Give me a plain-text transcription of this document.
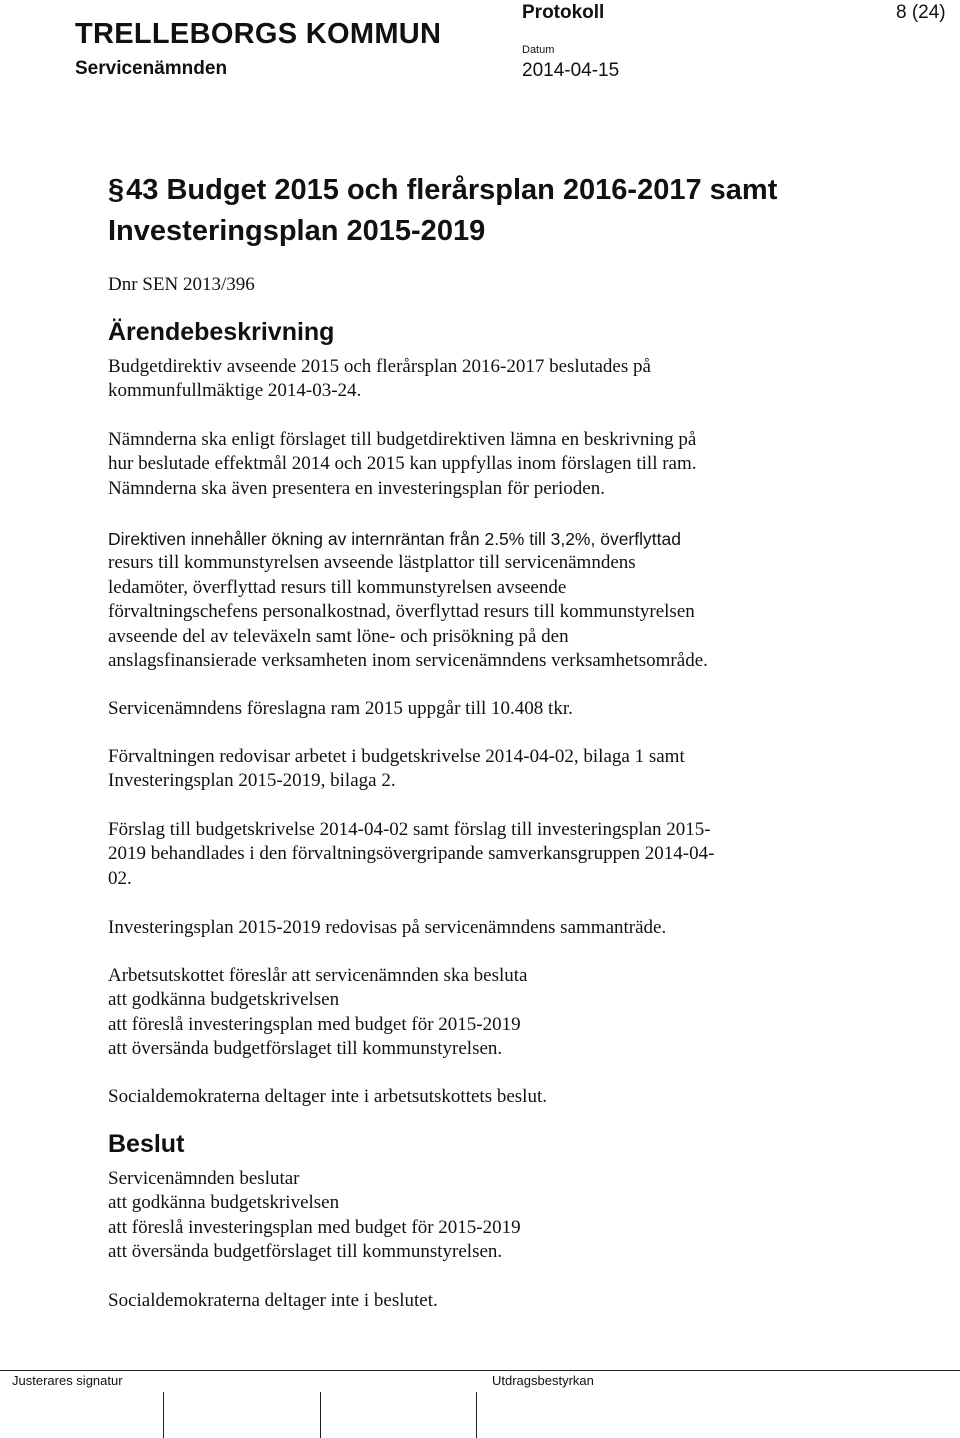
TRELLEBORGS KOMMUN
Servicenämnden
Protokoll	8 (24)
Datum
2014-04-15
§43 Budget 2015 och flerårsplan 2016-2017 samt
Investeringsplan 2015-2019
Dnr SEN 2013/396
Ärendebeskrivning
Budgetdirektiv avseende 2015 och flerårsplan 2016-2017 beslutades på
kommunfullmäktige 2014-03-24.
Nämnderna ska enligt förslaget till budgetdirektiven lämna en beskrivning på
hur beslutade effektmål 2014 och 2015 kan uppfyllas inom förslagen till ram.
Nämnderna ska även presentera en investeringsplan för perioden.
Direktiven innehåller ökning av internräntan från 2.5% till 3,2%, överflyttad
resurs till kommunstyrelsen avseende lästplattor till servicenämndens
ledamöter, överflyttad resurs till kommunstyrelsen avseende
förvaltningschefens personalkostnad, överflyttad resurs till kommunstyrelsen
avseende del av televäxeln samt löne- och prisökning på den
anslagsfinansierade verksamheten inom servicenämndens verksamhetsområde.
Servicenämndens föreslagna ram 2015 uppgår till 10.408 tkr.
Förvaltningen redovisar arbetet i budgetskrivelse 2014-04-02, bilaga 1 samt
Investeringsplan 2015-2019, bilaga 2.
Förslag till budgetskrivelse 2014-04-02 samt förslag till investeringsplan 2015-
2019 behandlades i den förvaltningsövergripande samverkansgruppen 2014-04-
02.
Investeringsplan 2015-2019 redovisas på servicenämndens sammanträde.
Arbetsutskottet föreslår att servicenämnden ska besluta
att godkänna budgetskrivelsen
att föreslå investeringsplan med budget för 2015-2019
att översända budgetförslaget till kommunstyrelsen.
Socialdemokraterna deltager inte i arbetsutskottets beslut.
Beslut
Servicenämnden beslutar
att godkänna budgetskrivelsen
att föreslå investeringsplan med budget för 2015-2019
att översända budgetförslaget till kommunstyrelsen.
Socialdemokraterna deltager inte i beslutet.
Justerares signatur	Utdragsbestyrkan
